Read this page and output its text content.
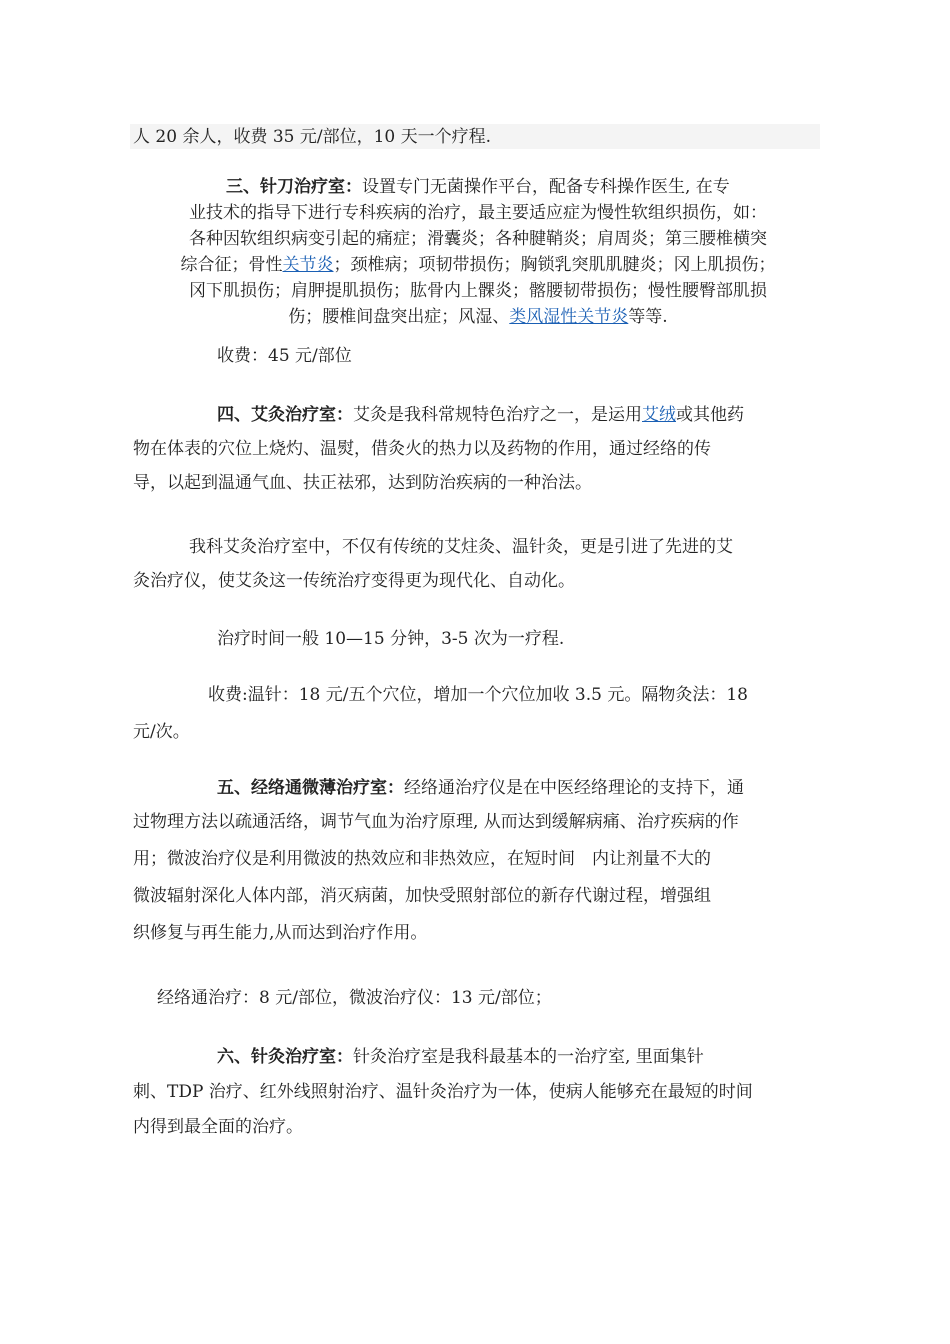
人 20 余人，收费 35 元/部位，10 天一个疗程.
三、针刀治疗室：设置专门无菌操作平台，配备专科操作医生, 在专
业技术的指导下进行专科疾病的治疗，最主要适应症为慢性软组织损伤，如：
各种因软组织病变引起的痛症；滑囊炎；各种腱鞘炎；肩周炎；第三腰椎横突
综合征；骨性关节炎；颈椎病；项韧带损伤；胸锁乳突肌肌腱炎；冈上肌损伤；
冈下肌损伤；肩胛提肌损伤；肱骨内上髁炎；髂腰韧带损伤；慢性腰臀部肌损
伤；腰椎间盘突出症；风湿、类风湿性关节炎等等.
收费：45 元/部位
四、艾灸治疗室：艾灸是我科常规特色治疗之一，是运用艾绒或其他药
物在体表的穴位上烧灼、温熨，借灸火的热力以及药物的作用，通过经络的传
导，以起到温通气血、扶正祛邪，达到防治疾病的一种治法。
我科艾灸治疗室中，不仅有传统的艾炷灸、温针灸，更是引进了先进的艾
灸治疗仪，使艾灸这一传统治疗变得更为现代化、自动化。
治疗时间一般 10—15 分钟，3-5 次为一疗程.
收费:温针：18 元/五个穴位，增加一个穴位加收 3.5 元。隔物灸法：18
元/次。
五、经络通微薄治疗室：经络通治疗仪是在中医经络理论的支持下，通
过物理方法以疏通活络，调节气血为治疗原理, 从而达到缓解病痛、治疗疾病的作
用；微波治疗仪是利用微波的热效应和非热效应，在短时间　内让剂量不大的
微波辐射深化人体内部，消灭病菌，加快受照射部位的新存代谢过程，增强组
织修复与再生能力,从而达到治疗作用。
经络通治疗：8 元/部位，微波治疗仪：13 元/部位；
六、针灸治疗室：针灸治疗室是我科最基本的一治疗室, 里面集针
刺、TDP 治疗、红外线照射治疗、温针灸治疗为一体，使病人能够充在最短的时间
内得到最全面的治疗。
